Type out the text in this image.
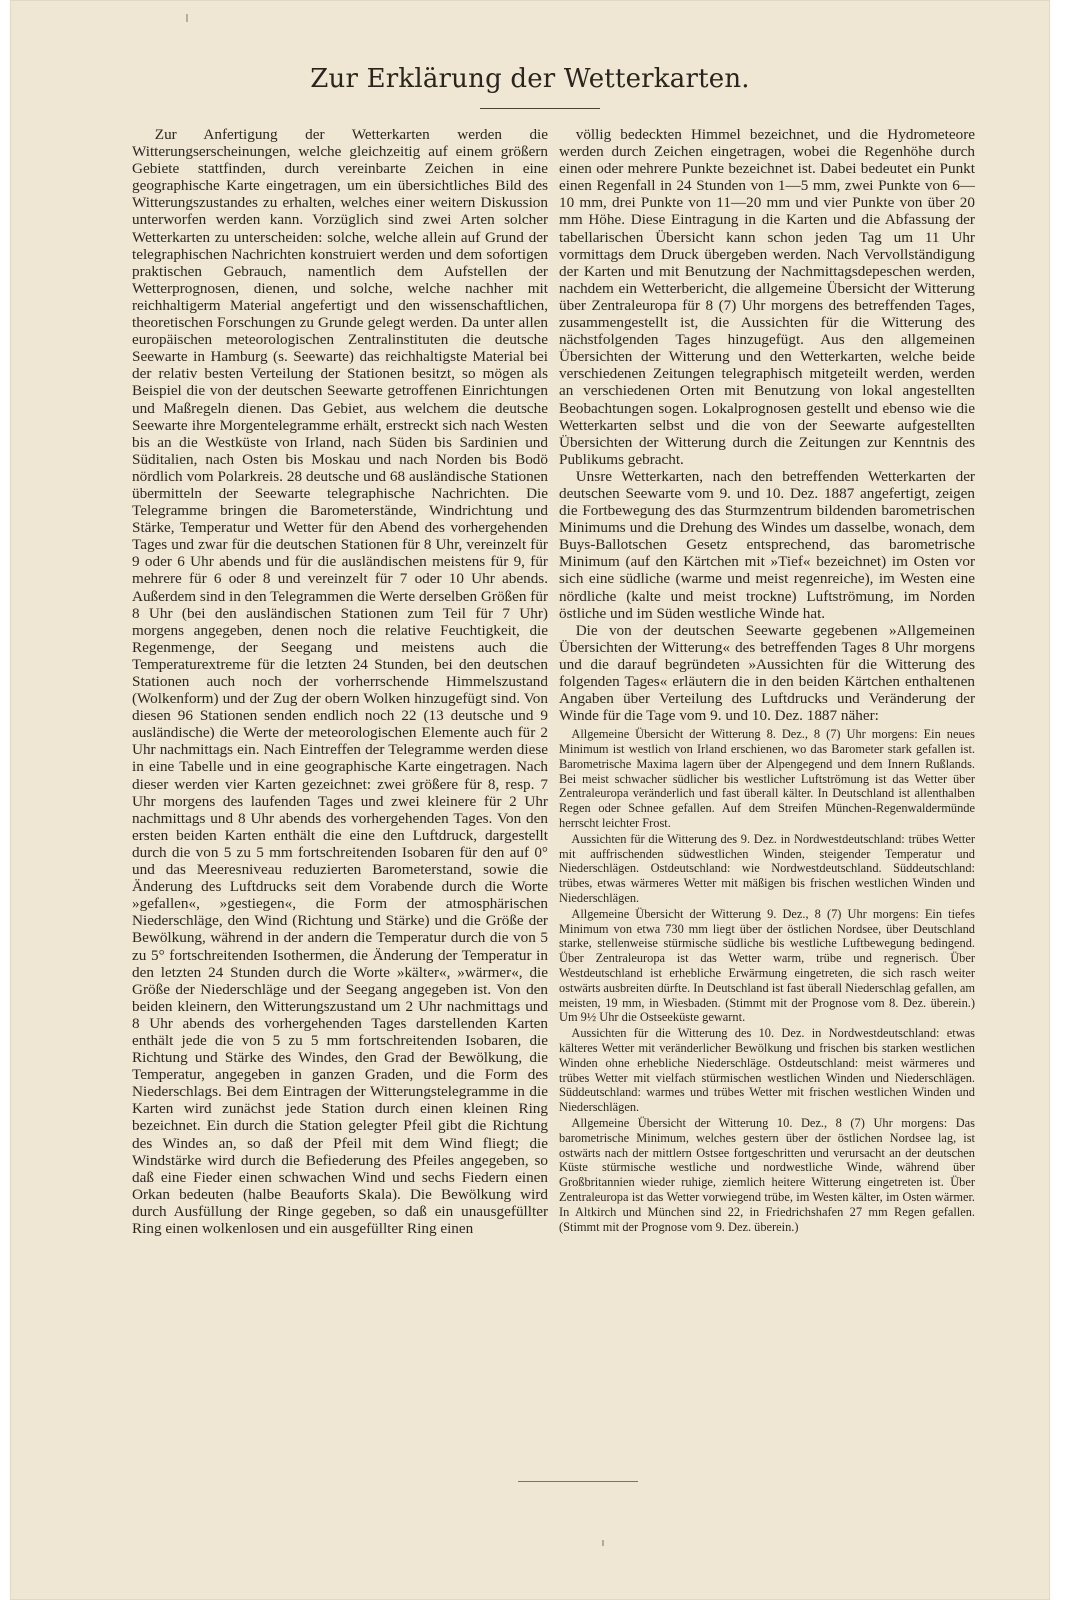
Zur Erklärung der Wetterkarten.

Zur Anfertigung der Wetterkarten werden die Witterungserscheinungen, welche gleichzeitig auf einem größern Gebiete stattfinden, durch vereinbarte Zeichen in eine geographische Karte eingetragen, um ein übersichtliches Bild des Witterungszustandes zu erhalten, welches einer weitern Diskussion unterworfen werden kann. Vorzüglich sind zwei Arten solcher Wetterkarten zu unterscheiden: solche, welche allein auf Grund der telegraphischen Nachrichten konstruiert werden und dem sofortigen praktischen Gebrauch, namentlich dem Aufstellen der Wetterprognosen, dienen, und solche, welche nachher mit reichhaltigerm Material angefertigt und den wissenschaftlichen, theoretischen Forschungen zu Grunde gelegt werden. Da unter allen europäischen meteorologischen Zentralinstituten die deutsche Seewarte in Hamburg (s. Seewarte) das reichhaltigste Material bei der relativ besten Verteilung der Stationen besitzt, so mögen als Beispiel die von der deutschen Seewarte getroffenen Einrichtungen und Maßregeln dienen. Das Gebiet, aus welchem die deutsche Seewarte ihre Morgentelegramme erhält, erstreckt sich nach Westen bis an die Westküste von Irland, nach Süden bis Sardinien und Süditalien, nach Osten bis Moskau und nach Norden bis Bodö nördlich vom Polarkreis. 28 deutsche und 68 ausländische Stationen übermitteln der Seewarte telegraphische Nachrichten. Die Telegramme bringen die Barometerstände, Windrichtung und Stärke, Temperatur und Wetter für den Abend des vorhergehenden Tages und zwar für die deutschen Stationen für 8 Uhr, vereinzelt für 9 oder 6 Uhr abends und für die ausländischen meistens für 9, für mehrere für 6 oder 8 und vereinzelt für 7 oder 10 Uhr abends. Außerdem sind in den Telegrammen die Werte derselben Größen für 8 Uhr (bei den ausländischen Stationen zum Teil für 7 Uhr) morgens angegeben, denen noch die relative Feuchtigkeit, die Regenmenge, der Seegang und meistens auch die Temperaturextreme für die letzten 24 Stunden, bei den deutschen Stationen auch noch der vorherrschende Himmelszustand (Wolkenform) und der Zug der obern Wolken hinzugefügt sind. Von diesen 96 Stationen senden endlich noch 22 (13 deutsche und 9 ausländische) die Werte der meteorologischen Elemente auch für 2 Uhr nachmittags ein. Nach Eintreffen der Telegramme werden diese in eine Tabelle und in eine geographische Karte eingetragen. Nach dieser werden vier Karten gezeichnet: zwei größere für 8, resp. 7 Uhr morgens des laufenden Tages und zwei kleinere für 2 Uhr nachmittags und 8 Uhr abends des vorhergehenden Tages. Von den ersten beiden Karten enthält die eine den Luftdruck, dargestellt durch die von 5 zu 5 mm fortschreitenden Isobaren für den auf 0° und das Meeresniveau reduzierten Barometerstand, sowie die Änderung des Luftdrucks seit dem Vorabende durch die Worte »gefallen«, »gestiegen«, die Form der atmosphärischen Niederschläge, den Wind (Richtung und Stärke) und die Größe der Bewölkung, während in der andern die Temperatur durch die von 5 zu 5° fortschreitenden Isothermen, die Änderung der Temperatur in den letzten 24 Stunden durch die Worte »kälter«, »wärmer«, die Größe der Niederschläge und der Seegang angegeben ist. Von den beiden kleinern, den Witterungszustand um 2 Uhr nachmittags und 8 Uhr abends des vorhergehenden Tages darstellenden Karten enthält jede die von 5 zu 5 mm fortschreitenden Isobaren, die Richtung und Stärke des Windes, den Grad der Bewölkung, die Temperatur, angegeben in ganzen Graden, und die Form des Niederschlags. Bei dem Eintragen der Witterungstelegramme in die Karten wird zunächst jede Station durch einen kleinen Ring bezeichnet. Ein durch die Station gelegter Pfeil gibt die Richtung des Windes an, so daß der Pfeil mit dem Wind fliegt; die Windstärke wird durch die Befiederung des Pfeiles angegeben, so daß eine Fieder einen schwachen Wind und sechs Fiedern einen Orkan bedeuten (halbe Beauforts Skala). Die Bewölkung wird durch Ausfüllung der Ringe gegeben, so daß ein unausgefüllter Ring einen wolkenlosen und ein ausgefüllter Ring einen

völlig bedeckten Himmel bezeichnet, und die Hydrometeore werden durch Zeichen eingetragen, wobei die Regenhöhe durch einen oder mehrere Punkte bezeichnet ist. Dabei bedeutet ein Punkt einen Regenfall in 24 Stunden von 1—5 mm, zwei Punkte von 6—10 mm, drei Punkte von 11—20 mm und vier Punkte von über 20 mm Höhe. Diese Eintragung in die Karten und die Abfassung der tabellarischen Übersicht kann schon jeden Tag um 11 Uhr vormittags dem Druck übergeben werden. Nach Vervollständigung der Karten und mit Benutzung der Nachmittagsdepeschen werden, nachdem ein Wetterbericht, die allgemeine Übersicht der Witterung über Zentraleuropa für 8 (7) Uhr morgens des betreffenden Tages, zusammengestellt ist, die Aussichten für die Witterung des nächstfolgenden Tages hinzugefügt. Aus den allgemeinen Übersichten der Witterung und den Wetterkarten, welche beide verschiedenen Zeitungen telegraphisch mitgeteilt werden, werden an verschiedenen Orten mit Benutzung von lokal angestellten Beobachtungen sogen. Lokalprognosen gestellt und ebenso wie die Wetterkarten selbst und die von der Seewarte aufgestellten Übersichten der Witterung durch die Zeitungen zur Kenntnis des Publikums gebracht.

Unsre Wetterkarten, nach den betreffenden Wetterkarten der deutschen Seewarte vom 9. und 10. Dez. 1887 angefertigt, zeigen die Fortbewegung des das Sturmzentrum bildenden barometrischen Minimums und die Drehung des Windes um dasselbe, wonach, dem Buys-Ballotschen Gesetz entsprechend, das barometrische Minimum (auf den Kärtchen mit »Tief« bezeichnet) im Osten vor sich eine südliche (warme und meist regenreiche), im Westen eine nördliche (kalte und meist trockne) Luftströmung, im Norden östliche und im Süden westliche Winde hat.

Die von der deutschen Seewarte gegebenen »Allgemeinen Übersichten der Witterung« des betreffenden Tages 8 Uhr morgens und die darauf begründeten »Aussichten für die Witterung des folgenden Tages« erläutern die in den beiden Kärtchen enthaltenen Angaben über Verteilung des Luftdrucks und Veränderung der Winde für die Tage vom 9. und 10. Dez. 1887 näher:

Allgemeine Übersicht der Witterung 8. Dez., 8 (7) Uhr morgens: Ein neues Minimum ist westlich von Irland erschienen, wo das Barometer stark gefallen ist. Barometrische Maxima lagern über der Alpengegend und dem Innern Rußlands. Bei meist schwacher südlicher bis westlicher Luftströmung ist das Wetter über Zentraleuropa veränderlich und fast überall kälter. In Deutschland ist allenthalben Regen oder Schnee gefallen. Auf dem Streifen München-Regenwaldermünde herrscht leichter Frost.

Aussichten für die Witterung des 9. Dez. in Nordwestdeutschland: trübes Wetter mit auffrischenden südwestlichen Winden, steigender Temperatur und Niederschlägen. Ostdeutschland: wie Nordwestdeutschland. Süddeutschland: trübes, etwas wärmeres Wetter mit mäßigen bis frischen westlichen Winden und Niederschlägen.

Allgemeine Übersicht der Witterung 9. Dez., 8 (7) Uhr morgens: Ein tiefes Minimum von etwa 730 mm liegt über der östlichen Nordsee, über Deutschland starke, stellenweise stürmische südliche bis westliche Luftbewegung bedingend. Über Zentraleuropa ist das Wetter warm, trübe und regnerisch. Über Westdeutschland ist erhebliche Erwärmung eingetreten, die sich rasch weiter ostwärts ausbreiten dürfte. In Deutschland ist fast überall Niederschlag gefallen, am meisten, 19 mm, in Wiesbaden. (Stimmt mit der Prognose vom 8. Dez. überein.) Um 9½ Uhr die Ostseeküste gewarnt.

Aussichten für die Witterung des 10. Dez. in Nordwestdeutschland: etwas kälteres Wetter mit veränderlicher Bewölkung und frischen bis starken westlichen Winden ohne erhebliche Niederschläge. Ostdeutschland: meist wärmeres und trübes Wetter mit vielfach stürmischen westlichen Winden und Niederschlägen. Süddeutschland: warmes und trübes Wetter mit frischen westlichen Winden und Niederschlägen.

Allgemeine Übersicht der Witterung 10. Dez., 8 (7) Uhr morgens: Das barometrische Minimum, welches gestern über der östlichen Nordsee lag, ist ostwärts nach der mittlern Ostsee fortgeschritten und verursacht an der deutschen Küste stürmische westliche und nordwestliche Winde, während über Großbritannien wieder ruhige, ziemlich heitere Witterung eingetreten ist. Über Zentraleuropa ist das Wetter vorwiegend trübe, im Westen kälter, im Osten wärmer. In Altkirch und München sind 22, in Friedrichshafen 27 mm Regen gefallen. (Stimmt mit der Prognose vom 9. Dez. überein.)
